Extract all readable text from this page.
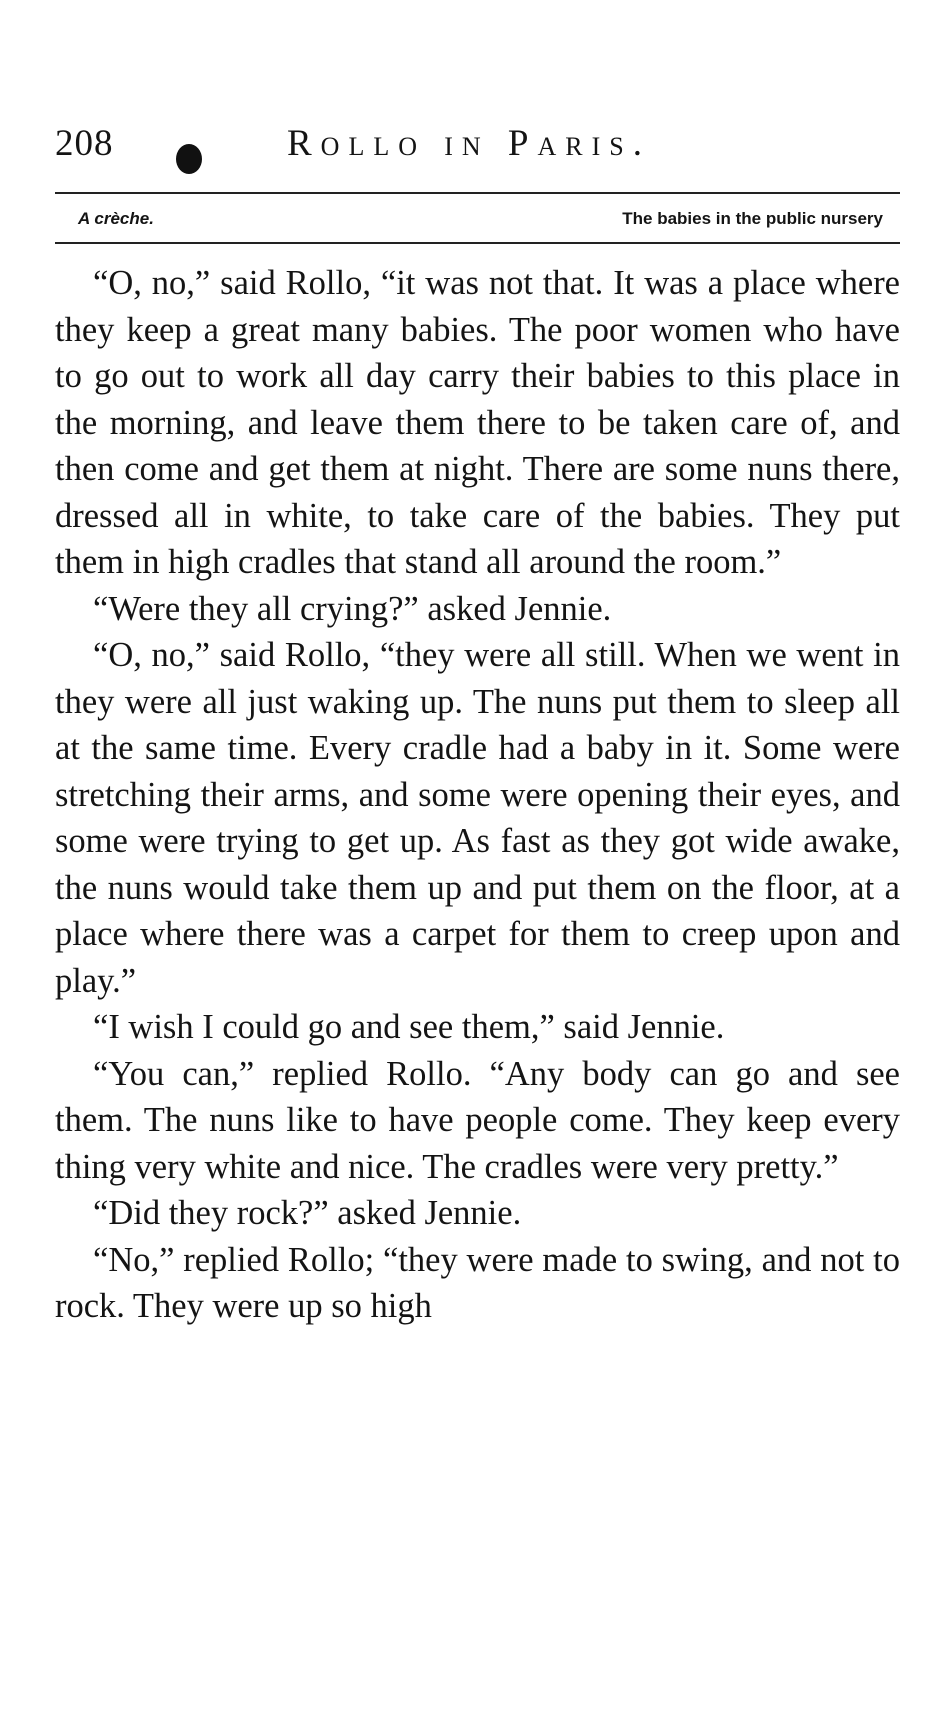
208	Rollo in Paris.
A crèche.	The babies in the public nursery

“O, no,” said Rollo, “it was not that. It was a place where they keep a great many babies. The poor women who have to go out to work all day carry their babies to this place in the morning, and leave them there to be taken care of, and then come and get them at night. There are some nuns there, dressed all in white, to take care of the babies. They put them in high cradles that stand all around the room.”

“Were they all crying?” asked Jennie.

“O, no,” said Rollo, “they were all still. When we went in they were all just waking up. The nuns put them to sleep all at the same time. Every cradle had a baby in it. Some were stretching their arms, and some were opening their eyes, and some were trying to get up. As fast as they got wide awake, the nuns would take them up and put them on the floor, at a place where there was a carpet for them to creep upon and play.”

“I wish I could go and see them,” said Jennie.

“You can,” replied Rollo. “Any body can go and see them. The nuns like to have people come. They keep every thing very white and nice. The cradles were very pretty.”

“Did they rock?” asked Jennie.

“No,” replied Rollo; “they were made to swing, and not to rock. They were up so high
